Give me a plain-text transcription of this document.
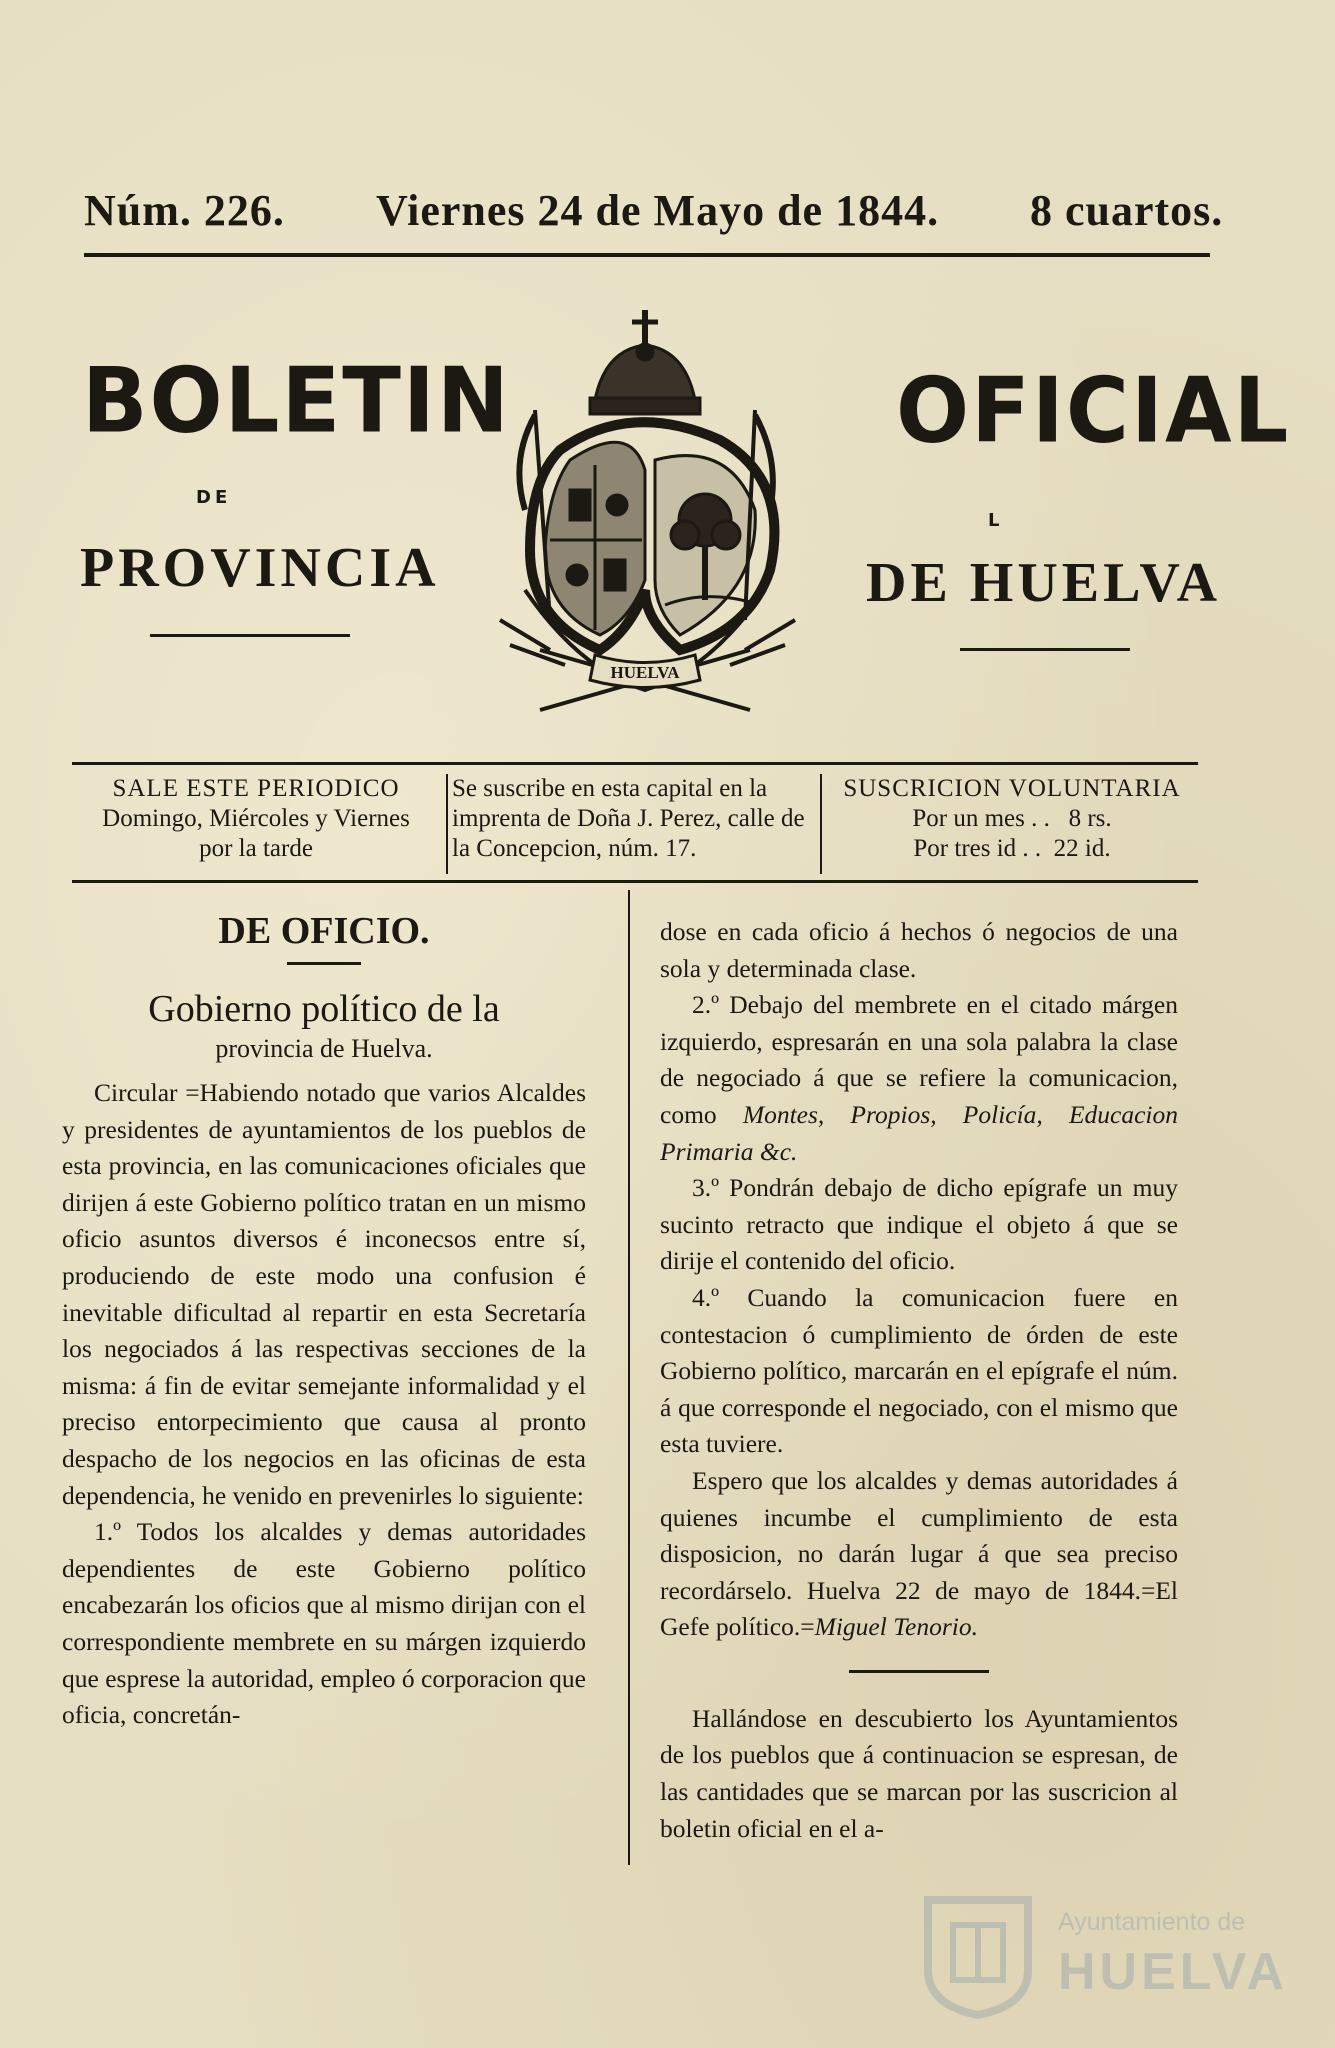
Núm. 226. Viernes 24 de Mayo de 1844. 8 cuartos.
BOLETIN
DE
PROVINCIA
OFICIAL
L
DE HUELVA
HUELVA
SALE ESTE PERIODICO
Domingo, Miércoles y Viernes
por la tarde
Se suscribe en esta capital en la imprenta de Doña J. Perez, calle de la Concepcion, núm. 17.
SUSCRICION VOLUNTARIA
Por un mes . .   8 rs.
Por tres id . .  22 id.

DE OFICIO.

Gobierno político de la

provincia de Huelva.

Circular =Habiendo notado que varios Alcaldes y presidentes de ayuntamientos de los pueblos de esta provincia, en las comunicaciones oficiales que dirijen á este Gobierno político tratan en un mismo oficio asuntos diversos é inconecsos entre sí, produciendo de este modo una confusion é inevitable dificultad al repartir en esta Secretaría los negociados á las respectivas secciones de la misma: á fin de evitar semejante informalidad y el preciso entorpecimiento que causa al pronto despacho de los negocios en las oficinas de esta dependencia, he venido en prevenirles lo siguiente:

1.º Todos los alcaldes y demas autoridades dependientes de este Gobierno político encabezarán los oficios que al mismo dirijan con el correspondiente membrete en su márgen izquierdo que esprese la autoridad, empleo ó corporacion que oficia, concretán-

dose en cada oficio á hechos ó negocios de una sola y determinada clase.

2.º Debajo del membrete en el citado márgen izquierdo, espresarán en una sola palabra la clase de negociado á que se refiere la comunicacion, como Montes, Propios, Policía, Educacion Primaria &c.

3.º Pondrán debajo de dicho epígrafe un muy sucinto retracto que indique el objeto á que se dirije el contenido del oficio.

4.º Cuando la comunicacion fuere en contestacion ó cumplimiento de órden de este Gobierno político, marcarán en el epígrafe el núm. á que corresponde el negociado, con el mismo que esta tuviere.

Espero que los alcaldes y demas autoridades á quienes incumbe el cumplimiento de esta disposicion, no darán lugar á que sea preciso recordárselo. Huelva 22 de mayo de 1844.=El Gefe político.=Miguel Tenorio.

Hallándose en descubierto los Ayuntamientos de los pueblos que á continuacion se espresan, de las cantidades que se marcan por las suscricion al boletin oficial en el a-

Ayuntamiento de
HUELVA
